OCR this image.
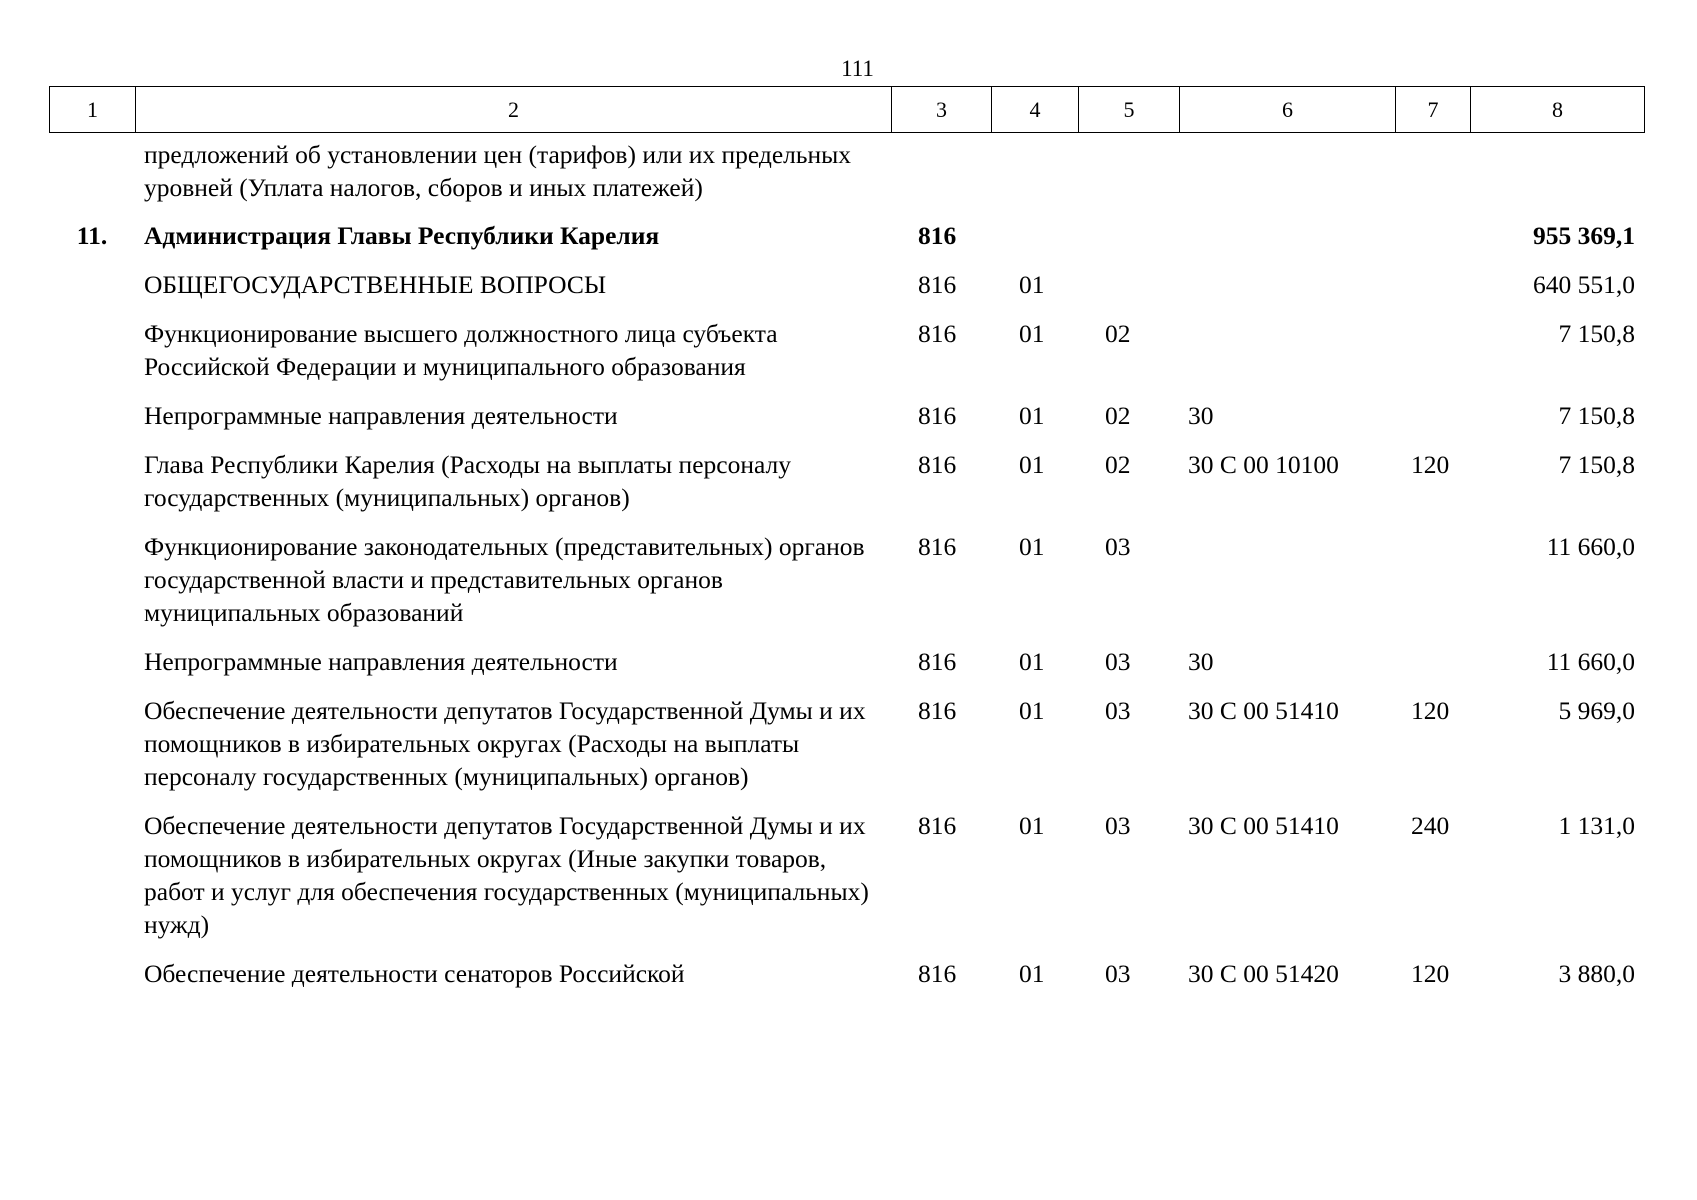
111
1	2	3	4	5	6	7	8
	предложений об установлении цен (тарифов) или их предельных уровней (Уплата налогов, сборов и иных платежей)						
11.	Администрация Главы Республики Карелия	816					955 369,1
	ОБЩЕГОСУДАРСТВЕННЫЕ ВОПРОСЫ	816	01				640 551,0
	Функционирование высшего должностного лица субъекта Российской Федерации и муниципального образования	816	01	02			7 150,8
	Непрограммные направления деятельности	816	01	02	30		7 150,8
	Глава Республики Карелия (Расходы на выплаты персоналу государственных (муниципальных) органов)	816	01	02	30 С 00 10100	120	7 150,8
	Функционирование законодательных (представительных) органов государственной власти и представительных органов муниципальных образований	816	01	03			11 660,0
	Непрограммные направления деятельности	816	01	03	30		11 660,0
	Обеспечение деятельности депутатов Государственной Думы и их помощников в избирательных округах (Расходы на выплаты персоналу государственных (муниципальных) органов)	816	01	03	30 С 00 51410	120	5 969,0
	Обеспечение деятельности депутатов Государственной Думы и их помощников в избирательных округах (Иные закупки товаров, работ и услуг для обеспечения государственных (муниципальных) нужд)	816	01	03	30 С 00 51410	240	1 131,0
	Обеспечение деятельности сенаторов Российской	816	01	03	30 С 00 51420	120	3 880,0
